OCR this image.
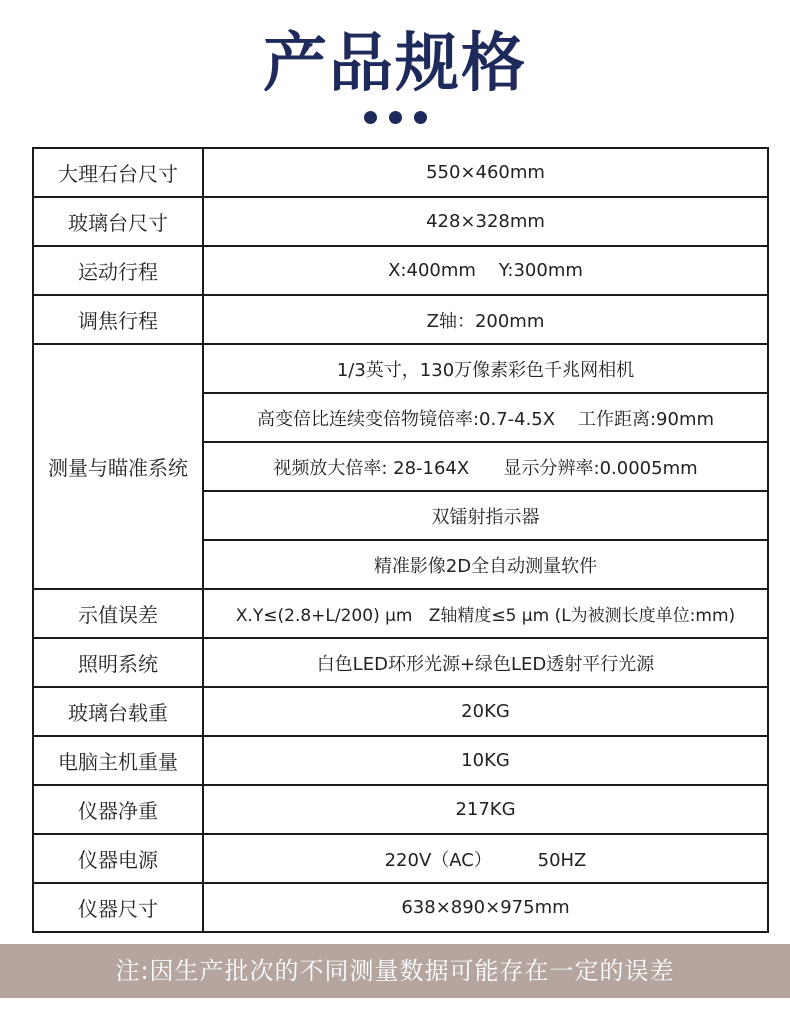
产品规格
大理石台尺寸	550×460mm
玻璃台尺寸	428×328mm
运动行程	X:400mm    Y:300mm
调焦行程	Z轴：200mm
测量与瞄准系统	1/3英寸，130万像素彩色千兆网相机
	高变倍比连续变倍物镜倍率:0.7-4.5X    工作距离:90mm
	视频放大倍率: 28-164X      显示分辨率:0.0005mm
	双镭射指示器
	精准影像2D全自动测量软件
示值误差	X.Y≤(2.8+L/200) μm   Z轴精度≤5 μm (L为被测长度单位:mm)
照明系统	白色LED环形光源+绿色LED透射平行光源
玻璃台载重	20KG
电脑主机重量	10KG
仪器净重	217KG
仪器电源	220V（AC）        50HZ
仪器尺寸	638×890×975mm
注:因生产批次的不同测量数据可能存在一定的误差
